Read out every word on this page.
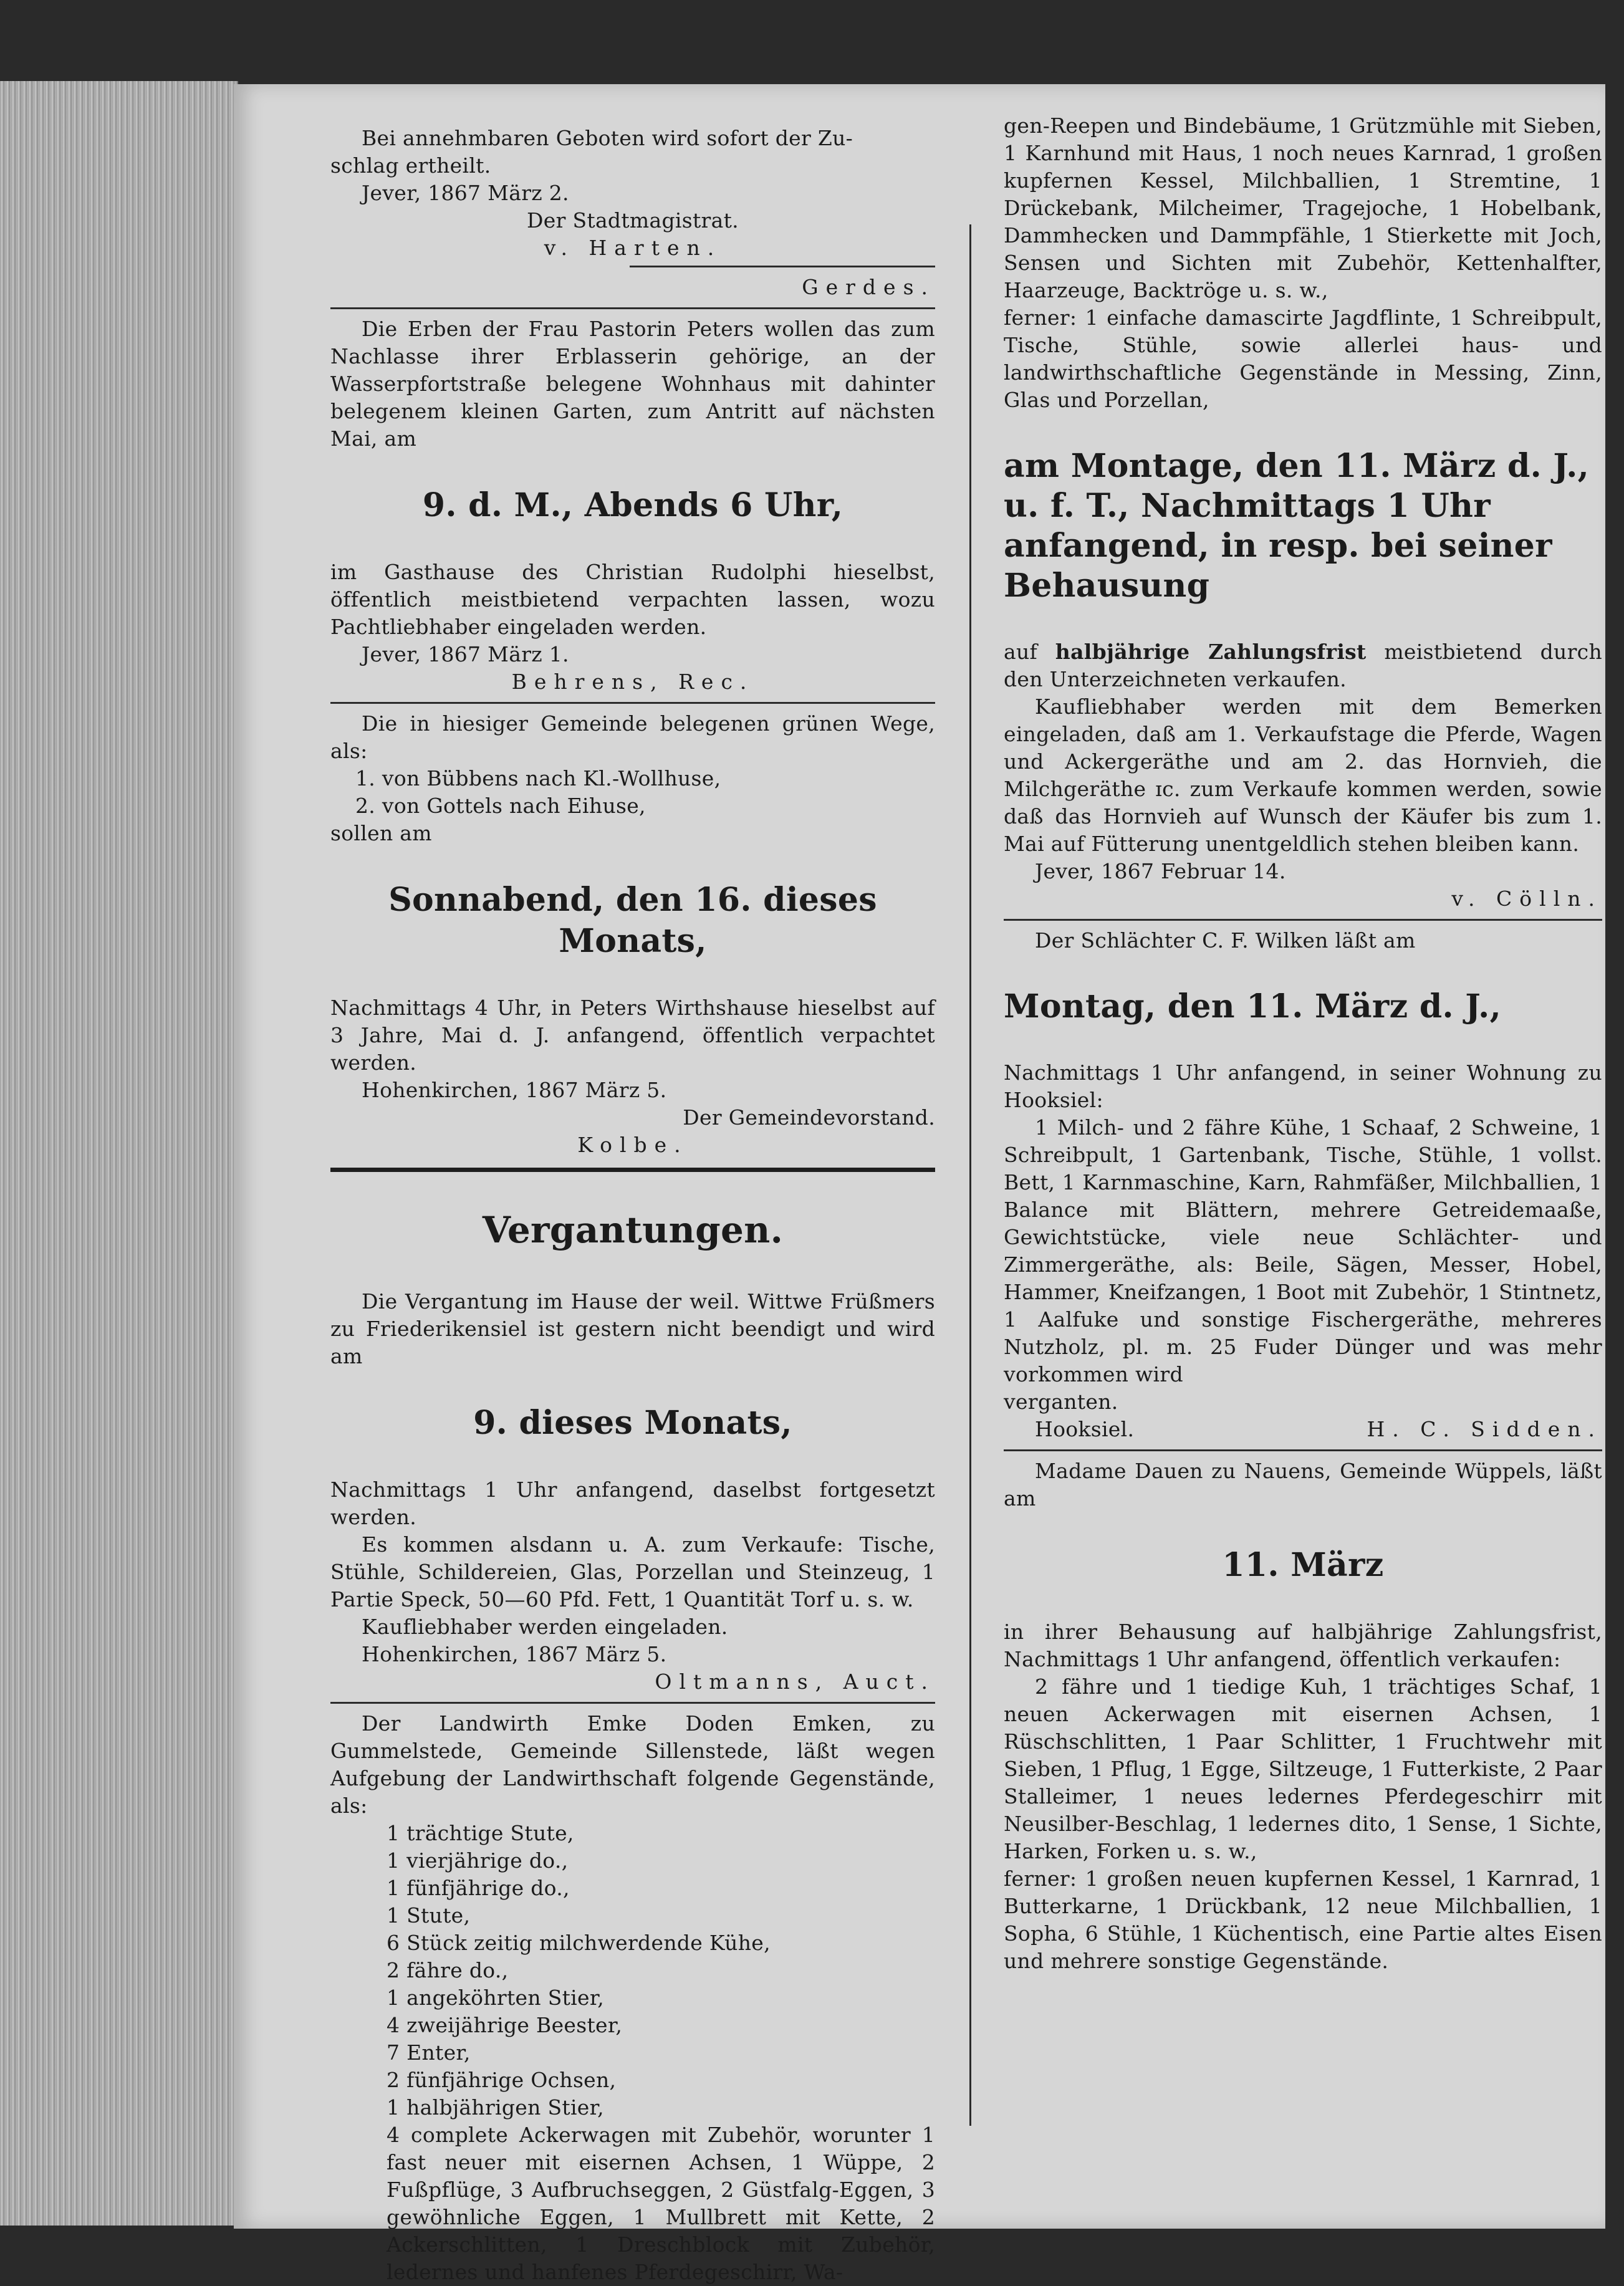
Bei annehmbaren Geboten wird sofort der Zu-

schlag ertheilt.

Jever, 1867 März 2.

Der Stadtmagistrat.

v. Harten.

Gerdes.

Die Erben der Frau Pastorin Peters wollen das zum Nachlasse ihrer Erblasserin gehörige, an der Wasserpfortstraße belegene Wohnhaus mit dahinter belegenem kleinen Garten, zum Antritt auf nächsten Mai, am

9. d. M., Abends 6 Uhr,

im Gasthause des Christian Rudolphi hieselbst, öffentlich meistbietend verpachten lassen, wozu Pachtliebhaber eingeladen werden.

Jever, 1867 März 1.

Behrens, Rec.

Die in hiesiger Gemeinde belegenen grünen Wege, als:

1. von Bübbens nach Kl.-Wollhuse,

2. von Gottels nach Eihuse,

sollen am

Sonnabend, den 16. dieses Monats,

Nachmittags 4 Uhr, in Peters Wirthshause hieselbst auf 3 Jahre, Mai d. J. anfangend, öffentlich verpachtet werden.

Hohenkirchen, 1867 März 5.

Der Gemeindevorstand.

Kolbe.

Vergantungen.

Die Vergantung im Hause der weil. Wittwe Früßmers zu Friederikensiel ist gestern nicht beendigt und wird am

9. dieses Monats,

Nachmittags 1 Uhr anfangend, daselbst fortgesetzt werden.

Es kommen alsdann u. A. zum Verkaufe: Tische, Stühle, Schildereien, Glas, Porzellan und Steinzeug, 1 Partie Speck, 50—60 Pfd. Fett, 1 Quantität Torf u. s. w.

Kaufliebhaber werden eingeladen.

Hohenkirchen, 1867 März 5.

Oltmanns, Auct.

Der Landwirth Emke Doden Emken, zu Gummelstede, Gemeinde Sillenstede, läßt wegen Aufgebung der Landwirthschaft folgende Gegenstände, als:

1 trächtige Stute,
1 vierjährige do.,
1 fünfjährige do.,
1 Stute,
6 Stück zeitig milchwerdende Kühe,
2 fähre do.,
1 angeköhrten Stier,
4 zweijährige Beester,
7 Enter,
2 fünfjährige Ochsen,
1 halbjährigen Stier,

4 complete Ackerwagen mit Zubehör, worunter 1 fast neuer mit eisernen Achsen, 1 Wüppe, 2 Fußpflüge, 3 Aufbruchseggen, 2 Güstfalg-Eggen, 3 gewöhnliche Eggen, 1 Mullbrett mit Kette, 2 Ackerschlitten, 1 Dreschblock mit Zubehör, ledernes und hanfenes Pferdegeschirr, Wa-

gen-Reepen und Bindebäume, 1 Grützmühle mit Sieben, 1 Karnhund mit Haus, 1 noch neues Karnrad, 1 großen kupfernen Kessel, Milchballien, 1 Stremtine, 1 Drückebank, Milcheimer, Tragejoche, 1 Hobelbank, Dammhecken und Dammpfähle, 1 Stierkette mit Joch, Sensen und Sichten mit Zubehör, Kettenhalfter, Haarzeuge, Backtröge u. s. w.,

ferner: 1 einfache damascirte Jagdflinte, 1 Schreibpult, Tische, Stühle, sowie allerlei haus- und landwirthschaftliche Gegenstände in Messing, Zinn, Glas und Porzellan,

am Montage, den 11. März d. J., u. f. T., Nachmittags 1 Uhr anfangend, in resp. bei seiner Behausung

auf halbjährige Zahlungsfrist meistbietend durch den Unterzeichneten verkaufen.

Kaufliebhaber werden mit dem Bemerken eingeladen, daß am 1. Verkaufstage die Pferde, Wagen und Ackergeräthe und am 2. das Hornvieh, die Milchgeräthe ɪc. zum Verkaufe kommen werden, sowie daß das Hornvieh auf Wunsch der Käufer bis zum 1. Mai auf Fütterung unentgeldlich stehen bleiben kann.

Jever, 1867 Februar 14.

v. Cölln.

Der Schlächter C. F. Wilken läßt am

Montag, den 11. März d. J.,

Nachmittags 1 Uhr anfangend, in seiner Wohnung zu Hooksiel:

1 Milch- und 2 fähre Kühe, 1 Schaaf, 2 Schweine, 1 Schreibpult, 1 Gartenbank, Tische, Stühle, 1 vollst. Bett, 1 Karnmaschine, Karn, Rahmfäßer, Milchballien, 1 Balance mit Blättern, mehrere Getreidemaaße, Gewichtstücke, viele neue Schlächter- und Zimmergeräthe, als: Beile, Sägen, Messer, Hobel, Hammer, Kneifzangen, 1 Boot mit Zubehör, 1 Stintnetz, 1 Aalfuke und sonstige Fischergeräthe, mehreres Nutzholz, pl. m. 25 Fuder Dünger und was mehr vorkommen wird

verganten.

Hooksiel.	H. C. Sidden.

Madame Dauen zu Nauens, Gemeinde Wüppels, läßt am

11. März

in ihrer Behausung auf halbjährige Zahlungsfrist, Nachmittags 1 Uhr anfangend, öffentlich verkaufen:

2 fähre und 1 tiedige Kuh, 1 trächtiges Schaf, 1 neuen Ackerwagen mit eisernen Achsen, 1 Rüschschlitten, 1 Paar Schlitter, 1 Fruchtwehr mit Sieben, 1 Pflug, 1 Egge, Siltzeuge, 1 Futterkiste, 2 Paar Stalleimer, 1 neues ledernes Pferdegeschirr mit Neusilber-Beschlag, 1 ledernes dito, 1 Sense, 1 Sichte, Harken, Forken u. s. w.,

ferner: 1 großen neuen kupfernen Kessel, 1 Karnrad, 1 Butterkarne, 1 Drückbank, 12 neue Milchballien, 1 Sopha, 6 Stühle, 1 Küchentisch, eine Partie altes Eisen und mehrere sonstige Gegenstände.
